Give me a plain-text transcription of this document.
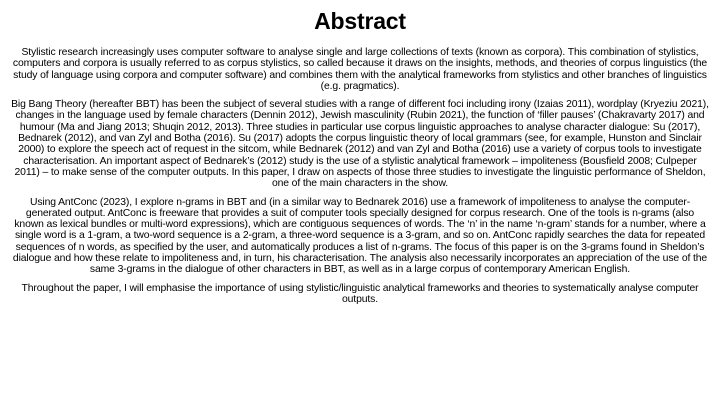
Abstract

Stylistic research increasingly uses computer software to analyse single and large collections of texts (known as corpora). This combination of stylistics, computers and corpora is usually referred to as corpus stylistics, so called because it draws on the insights, methods, and theories of corpus linguistics (the study of language using corpora and computer software) and combines them with the analytical frameworks from stylistics and other branches of linguistics (e.g. pragmatics).

Big Bang Theory (hereafter BBT) has been the subject of several studies with a range of different foci including irony (Izaias 2011), wordplay (Kryeziu 2021), changes in the language used by female characters (Dennin 2012), Jewish masculinity (Rubin 2021), the function of ‘filler pauses’ (Chakravarty 2017) and humour (Ma and Jiang 2013; Shuqin 2012, 2013). Three studies in particular use corpus linguistic approaches to analyse character dialogue: Su (2017), Bednarek (2012), and van Zyl and Botha (2016). Su (2017) adopts the corpus linguistic theory of local grammars (see, for example, Hunston and Sinclair 2000) to explore the speech act of request in the sitcom, while Bednarek (2012) and van Zyl and Botha (2016) use a variety of corpus tools to investigate characterisation. An important aspect of Bednarek’s (2012) study is the use of a stylistic analytical framework – impoliteness (Bousfield 2008; Culpeper 2011) – to make sense of the computer outputs. In this paper, I draw on aspects of those three studies to investigate the linguistic performance of Sheldon, one of the main characters in the show.

Using AntConc (2023), I explore n-grams in BBT and (in a similar way to Bednarek 2016) use a framework of impoliteness to analyse the computer-generated output. AntConc is freeware that provides a suit of computer tools specially designed for corpus research. One of the tools is n-grams (also known as lexical bundles or multi-word expressions), which are contiguous sequences of words. The ‘n’ in the name ‘n-gram’ stands for a number, where a single word is a 1-gram, a two-word sequence is a 2-gram, a three-word sequence is a 3-gram, and so on. AntConc rapidly searches the data for repeated sequences of n words, as specified by the user, and automatically produces a list of n-grams. The focus of this paper is on the 3-grams found in Sheldon’s dialogue and how these relate to impoliteness and, in turn, his characterisation. The analysis also necessarily incorporates an appreciation of the use of the same 3-grams in the dialogue of other characters in BBT, as well as in a large corpus of contemporary American English.

Throughout the paper, I will emphasise the importance of using stylistic/linguistic analytical frameworks and theories to systematically analyse computer outputs.
